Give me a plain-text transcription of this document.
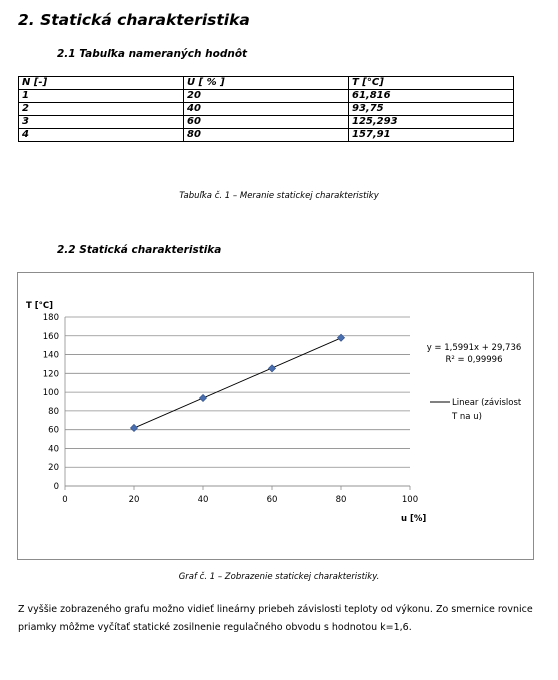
2. Statická charakteristika
2.1 Tabuľka nameraných hodnôt
N [-]	U [ % ]	T [°C]
1	20	61,816
2	40	93,75
3	60	125,293
4	80	157,91
Tabuľka č. 1 – Meranie statickej charakteristiky
2.2 Statická charakteristika
0
20
40
60
80
100
120
140
160
180
0	20	40	60	80	100
T [°C]
u [%]
y = 1,5991x + 29,736
R² = 0,99996
Linear (závislost
T na u)
Graf č. 1 – Zobrazenie statickej charakteristiky.
Z vyššie zobrazeného grafu možno vidieť lineárny priebeh závislosti teploty od výkonu. Zo smernice rovnice priamky môžme vyčítať statické zosilnenie regulačného obvodu s hodnotou k=1,6.
